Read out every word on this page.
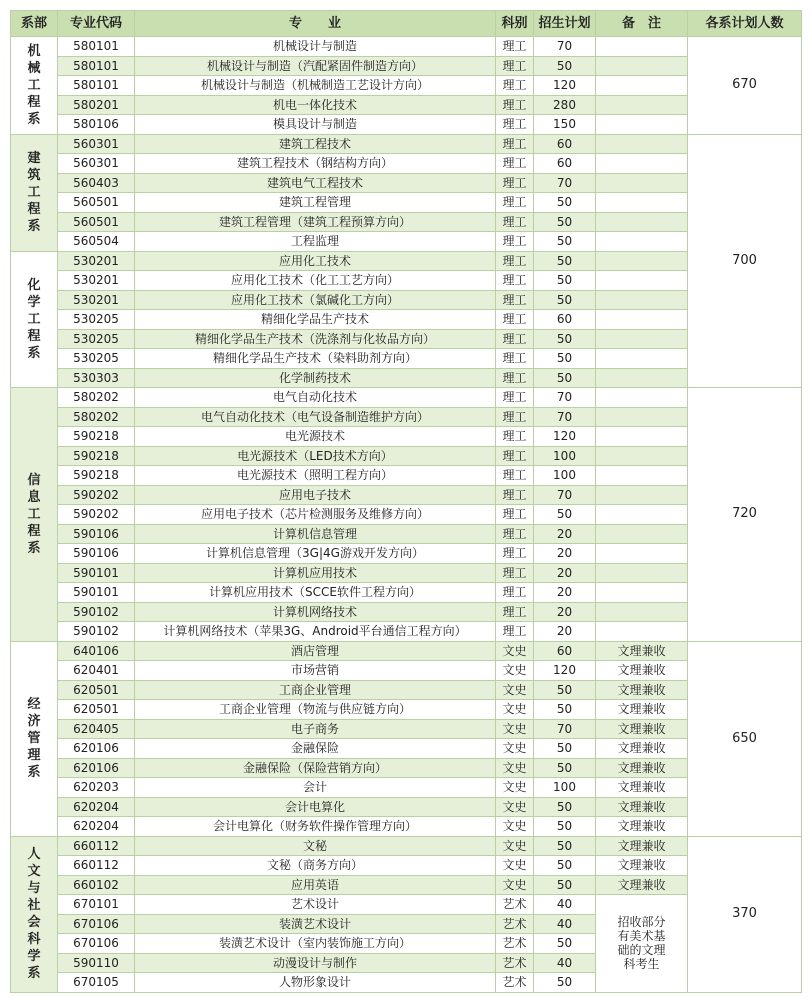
系部	专业代码	专　　业	科别	招生计划	备　注	各系计划人数
机械工程系	580101	机械设计与制造	理工	70		670
	580101	机械设计与制造（汽配紧固件制造方向）	理工	50		
	580101	机械设计与制造（机械制造工艺设计方向）	理工	120		
	580201	机电一体化技术	理工	280		
	580106	模具设计与制造	理工	150		
建筑工程系	560301	建筑工程技术	理工	60		700
	560301	建筑工程技术（钢结构方向）	理工	60		
	560403	建筑电气工程技术	理工	70		
	560501	建筑工程管理	理工	50		
	560501	建筑工程管理（建筑工程预算方向）	理工	50		
	560504	工程监理	理工	50		
化学工程系	530201	应用化工技术	理工	50		
	530201	应用化工技术（化工工艺方向）	理工	50		
	530201	应用化工技术（氯碱化工方向）	理工	50		
	530205	精细化学品生产技术	理工	60		
	530205	精细化学品生产技术（洗涤剂与化妆品方向）	理工	50		
	530205	精细化学品生产技术（染料助剂方向）	理工	50		
	530303	化学制药技术	理工	50		
信息工程系	580202	电气自动化技术	理工	70		720
	580202	电气自动化技术（电气设备制造维护方向）	理工	70		
	590218	电光源技术	理工	120		
	590218	电光源技术（LED技术方向）	理工	100		
	590218	电光源技术（照明工程方向）	理工	100		
	590202	应用电子技术	理工	70		
	590202	应用电子技术（芯片检测服务及维修方向）	理工	50		
	590106	计算机信息管理	理工	20		
	590106	计算机信息管理（3G|4G游戏开发方向）	理工	20		
	590101	计算机应用技术	理工	20		
	590101	计算机应用技术（SCCE软件工程方向）	理工	20		
	590102	计算机网络技术	理工	20		
	590102	计算机网络技术（苹果3G、Android平台通信工程方向）	理工	20		
经济管理系	640106	酒店管理	文史	60	文理兼收	650
	620401	市场营销	文史	120	文理兼收	
	620501	工商企业管理	文史	50	文理兼收	
	620501	工商企业管理（物流与供应链方向）	文史	50	文理兼收	
	620405	电子商务	文史	70	文理兼收	
	620106	金融保险	文史	50	文理兼收	
	620106	金融保险（保险营销方向）	文史	50	文理兼收	
	620203	会计	文史	100	文理兼收	
	620204	会计电算化	文史	50	文理兼收	
	620204	会计电算化（财务软件操作管理方向）	文史	50	文理兼收	
人文与社会科学系	660112	文秘	文史	50	文理兼收	370
	660112	文秘（商务方向）	文史	50	文理兼收	
	660102	应用英语	文史	50	文理兼收	
	670101	艺术设计	艺术	40	招收部分有美术基础的文理科考生	
	670106	装潢艺术设计	艺术	40		
	670106	装潢艺术设计（室内装饰施工方向）	艺术	50		
	590110	动漫设计与制作	艺术	40		
	670105	人物形象设计	艺术	50		
